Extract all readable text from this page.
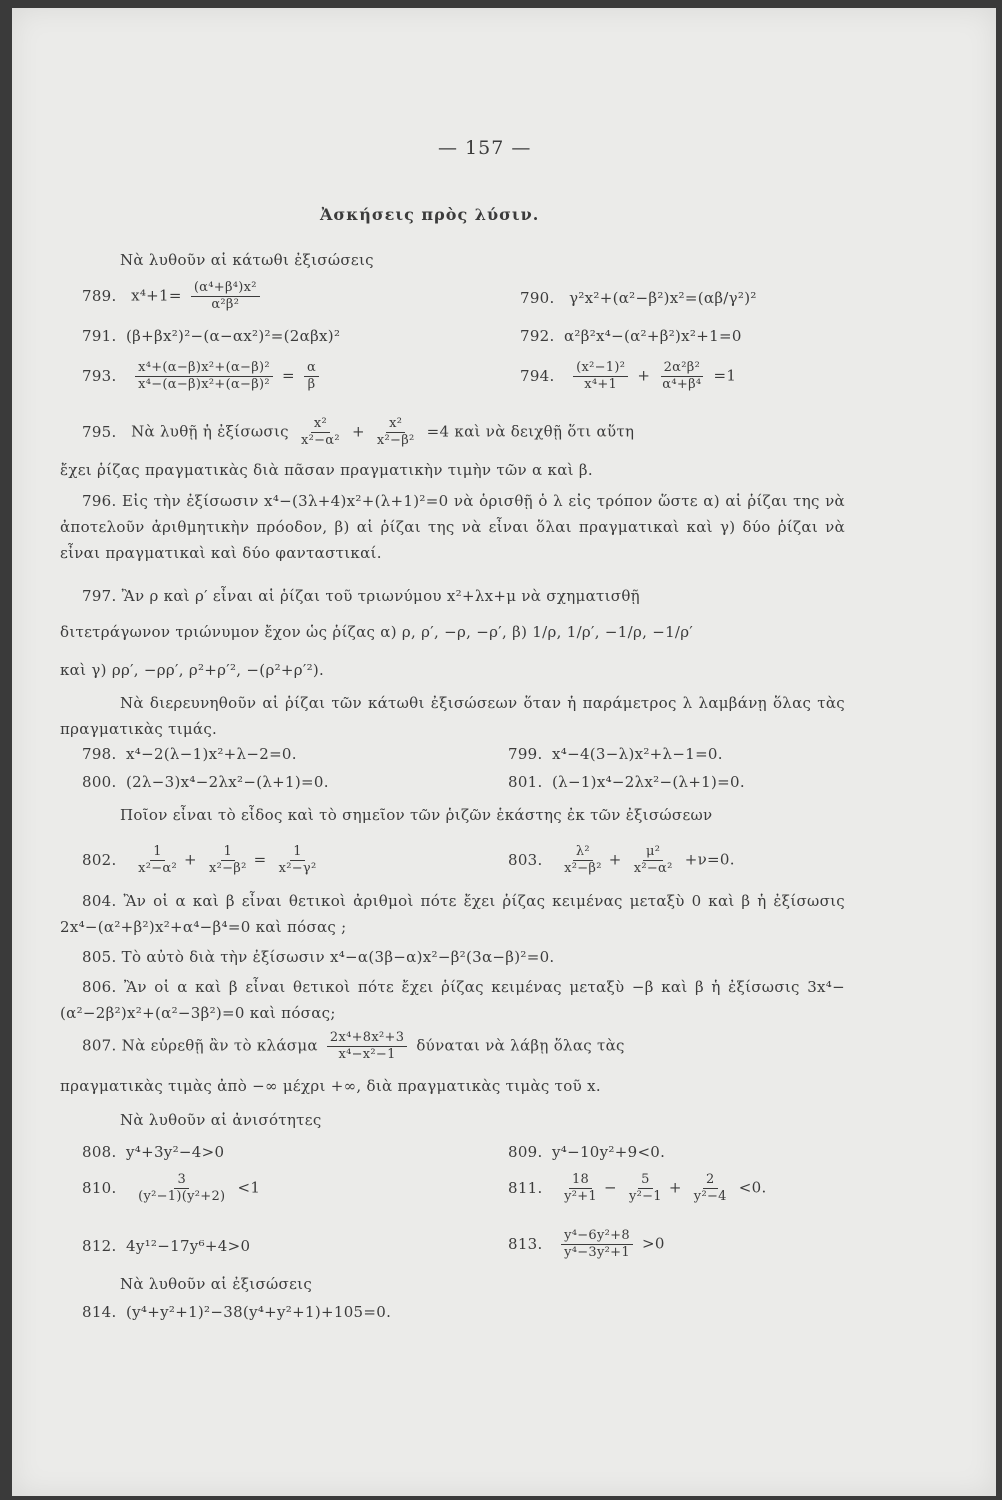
— 157 —
Ἀσκήσεις πρὸς λύσιν.
Νὰ λυθοῦν αἱ κάτωθι ἐξισώσεις
789. $x^4+1= \frac{\text{(α⁴+β⁴)x²}}{\text{α²β²}}$	790. γ²x²+(α²−β²)x²=(αβ/γ²)²
791. (β+βx²)²−(α−αx²)²=(2αβx)²	792. α²β²x⁴−(α²+β²)x²+1=0
793. $\frac{\text{x⁴+(α−β)x²+(α−β)²}}{\text{x⁴−(α−β)x²+(α−β)²}} = \frac{\alpha}{\beta}$	794. $\frac{\text{(x²−1)²}}{\text{x⁴+1}} + \frac{\text{2α²β²}}{\text{α⁴+β⁴}} =1$
795. Νὰ λυθῇ ἡ ἐξίσωσις $\frac{\text{x²}}{\text{x²−α²}} + \frac{\text{x²}}{\text{x²−β²}} =4$ καὶ νὰ δειχθῇ ὅτι αὕτη
ἔχει ῥίζας πραγματικὰς διὰ πᾶσαν πραγματικὴν τιμὴν τῶν α καὶ β.
796. Εἰς τὴν ἐξίσωσιν x⁴−(3λ+4)x²+(λ+1)²=0 νὰ ὁρισθῇ ὁ λ εἰς τρόπον ὥστε α) αἱ ῥίζαι της νὰ ἀποτελοῦν ἀριθμητικὴν πρόοδον, β) αἱ ῥίζαι της νὰ εἶναι ὅλαι πραγματικαὶ καὶ γ) δύο ῥίζαι νὰ εἶναι πραγματικαὶ καὶ δύο φανταστικαί.
797. Ἂν ρ καὶ ρ′ εἶναι αἱ ῥίζαι τοῦ τριωνύμου x²+λx+μ νὰ σχηματισθῇ
διτετράγωνον τριώνυμον ἔχον ὡς ῥίζας α) ρ, ρ′, −ρ, −ρ′, β) 1/ρ, 1/ρ′, −1/ρ, −1/ρ′
καὶ γ) ρρ′, −ρρ′, ρ²+ρ′², −(ρ²+ρ′²).
Νὰ διερευνηθοῦν αἱ ῥίζαι τῶν κάτωθι ἐξισώσεων ὅταν ἡ παράμετρος λ λαμβάνῃ ὅλας τὰς πραγματικὰς τιμάς.
798. x⁴−2(λ−1)x²+λ−2=0.	799. x⁴−4(3−λ)x²+λ−1=0.
800. (2λ−3)x⁴−2λx²−(λ+1)=0.	801. (λ−1)x⁴−2λx²−(λ+1)=0.
Ποῖον εἶναι τὸ εἶδος καὶ τὸ σημεῖον τῶν ῥιζῶν ἑκάστης ἐκ τῶν ἐξισώσεων
802. $\frac{1}{\text{x²−α²}} + \frac{1}{\text{x²−β²}} = \frac{1}{\text{x²−γ²}}$	803. $\frac{\text{λ²}}{\text{x²−β²}} + \frac{\text{μ²}}{\text{x²−α²}} +\nu=0$.
804. Ἂν οἱ α καὶ β εἶναι θετικοὶ ἀριθμοὶ πότε ἔχει ῥίζας κειμένας μεταξὺ 0 καὶ β ἡ ἐξίσωσις 2x⁴−(α²+β²)x²+α⁴−β⁴=0 καὶ πόσας ;
805. Τὸ αὐτὸ διὰ τὴν ἐξίσωσιν x⁴−α(3β−α)x²−β²(3α−β)²=0.
806. Ἂν οἱ α καὶ β εἶναι θετικοὶ πότε ἔχει ῥίζας κειμένας μεταξὺ −β καὶ β ἡ ἐξίσωσις 3x⁴−(α²−2β²)x²+(α²−3β²)=0 καὶ πόσας;
807. Νὰ εὑρεθῇ ἂν τὸ κλάσμα $\frac{\text{2x⁴+8x²+3}}{\text{x⁴−x²−1}}$ δύναται νὰ λάβῃ ὅλας τὰς
πραγματικὰς τιμὰς ἀπὸ −∞ μέχρι +∞, διὰ πραγματικὰς τιμὰς τοῦ x.
Νὰ λυθοῦν αἱ ἀνισότητες
808. y⁴+3y²−4>0	809. y⁴−10y²+9<0.
810. $\frac{3}{\text{(y²−1)(y²+2)}} <1$	811. $\frac{18}{\text{y²+1}} - \frac{5}{\text{y²−1}} + \frac{2}{\text{y²−4}} <0$.
812. 4y¹²−17y⁶+4>0	813. $\frac{\text{y⁴−6y²+8}}{\text{y⁴−3y²+1}} >0$
Νὰ λυθοῦν αἱ ἐξισώσεις
814. (y⁴+y²+1)²−38(y⁴+y²+1)+105=0.
